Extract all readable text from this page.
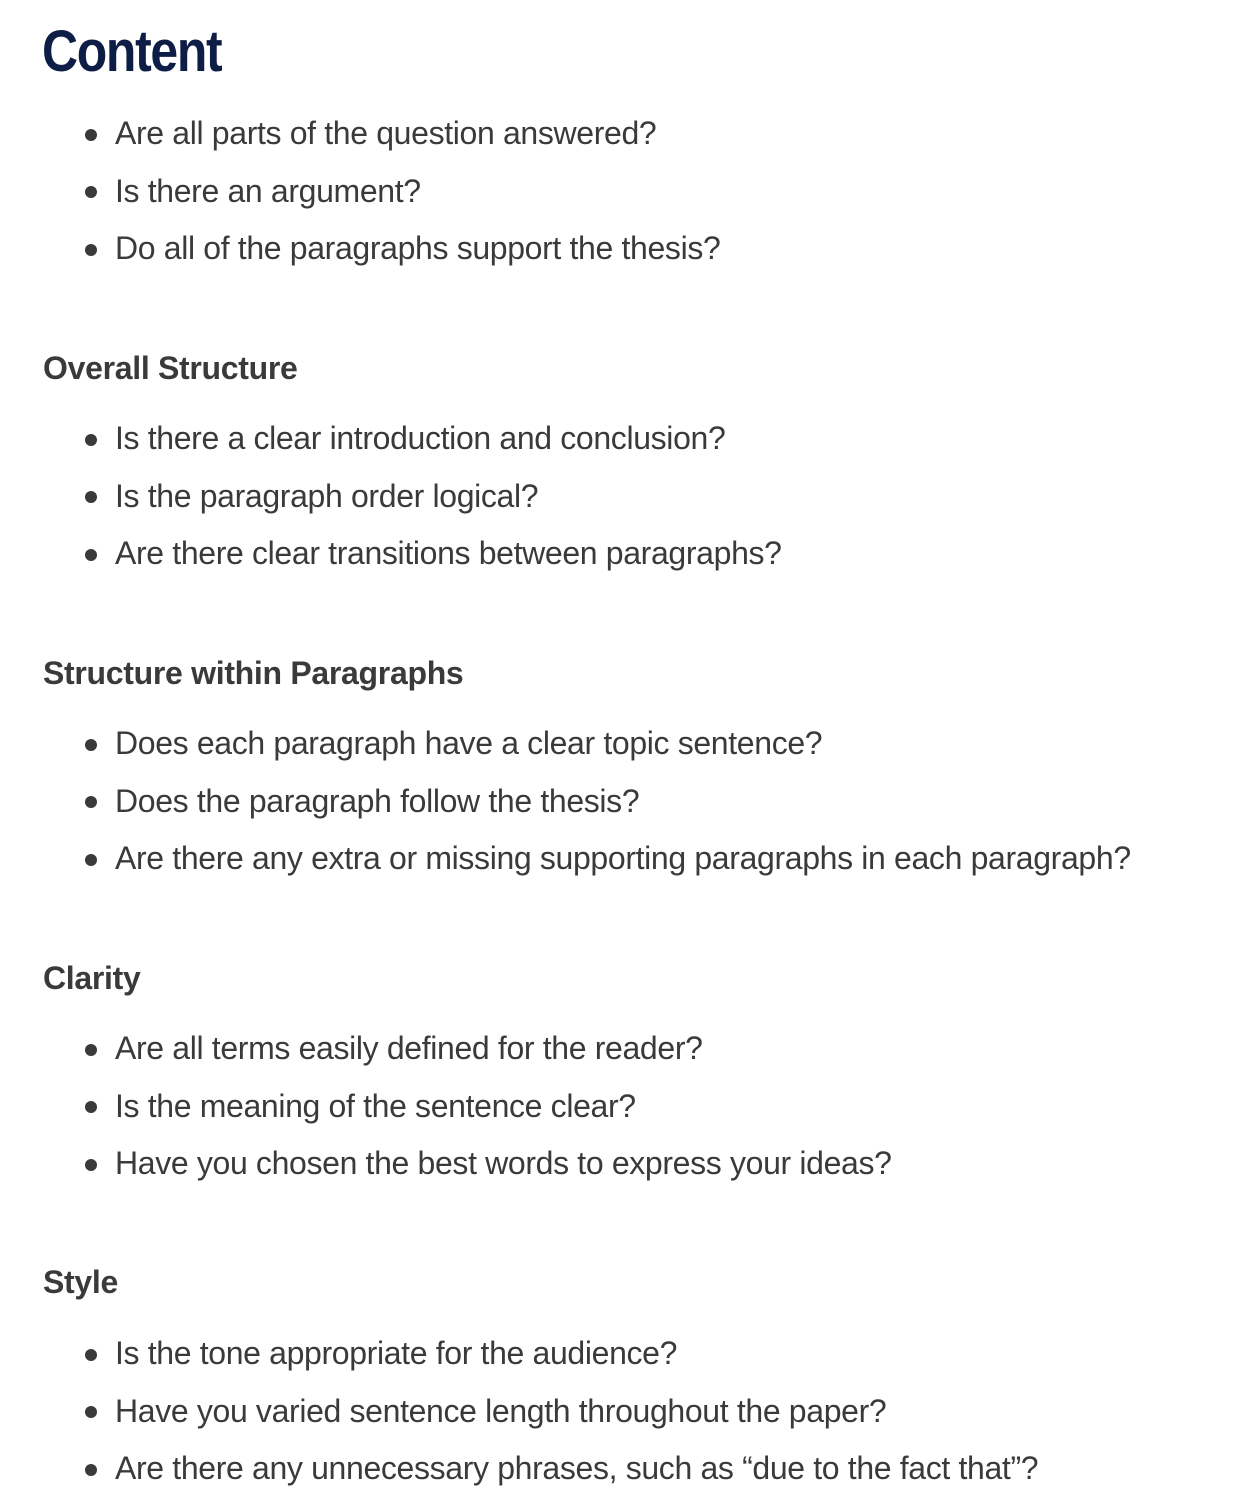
Content
Are all parts of the question answered?
Is there an argument?
Do all of the paragraphs support the thesis?
Overall Structure
Is there a clear introduction and conclusion?
Is the paragraph order logical?
Are there clear transitions between paragraphs?
Structure within Paragraphs
Does each paragraph have a clear topic sentence?
Does the paragraph follow the thesis?
Are there any extra or missing supporting paragraphs in each paragraph?
Clarity
Are all terms easily defined for the reader?
Is the meaning of the sentence clear?
Have you chosen the best words to express your ideas?
Style
Is the tone appropriate for the audience?
Have you varied sentence length throughout the paper?
Are there any unnecessary phrases, such as “due to the fact that”?
